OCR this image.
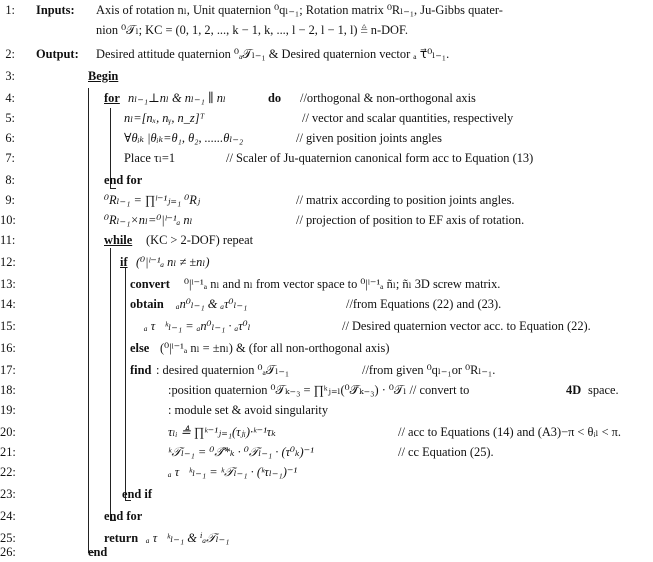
1: Inputs: Axis of rotation nₗ, Unit quaternion ⁰qₗ₋₁; Rotation matrix ⁰Rₗ₋₁, Ju-Gibbs quater-
nion ⁰𝒯ₗ; KC = (0, 1, 2, ..., k − 1, k, ..., l − 2, l − 1, l) ≜ n-DOF.
2: Output: Desired attitude quaternion ⁰ₐ𝒯ₗ₋₁ & Desired quaternion vector ₐ τ⃗⁰ₗ₋₁.
3:	Begin
4:	for nₗ₋₁⊥nₗ & nₗ₋₁ ∥ nₗ	do //orthogonal & non-orthogonal axis
5:	nₗ=[nₓ, nᵧ, n_z]ᵀ	// vector and scalar quantities, respectively
6:	∀θᵢₖ |θᵢₖ=θ₁, θ₂, ......θₗ₋₂	// given position joints angles
7:	Place τₗ=1	// Scaler of Ju-quaternion canonical form acc to Equation (13)
8:	end for
9:	⁰Rₗ₋₁ = ∏ˡ⁻¹ⱼ₌₁ ⁰Rⱼ	// matrix according to position joints angles.
10:	⁰Rₗ₋₁×nₗ=⁰|ˡ⁻¹ₐ nₗ	// projection of position to EF axis of rotation.
11:	while (KC > 2-DOF) repeat
12:	if (⁰|ˡ⁻¹ₐ nₗ ≠ ±nₗ)
13:	convert ⁰|ˡ⁻¹ₐ nₗ and nₗ from vector space to ⁰|ˡ⁻¹ₐ ñₗ; ñₗ 3D screw matrix.
14:	obtain ₐn⁰ₗ₋₁ & ₐτ⁰ₗ₋₁	//from Equations (22) and (23).
15:	ₐ τ⃗ᵏₗ₋₁ = ₐn⁰ₗ₋₁ · ₐτ⁰ₗ	// Desired quaternion vector acc. to Equation (22).
16:	else (⁰|ˡ⁻¹ₐ nₗ = ±nₗ) & (for all non-orthogonal axis)
17:	find : desired quaternion ⁰ₐ𝒯ₗ₋₁	//from given ⁰qₗ₋₁or ⁰Rₗ₋₁.
18:	:position quaternion ⁰𝒯ₖ₋₃ = ∏ᵏⱼ₌ₗ(⁰𝒯̃ₖ₋₃) · ⁰𝒯ₗ // convert to	4D space.
19:	: module set & avoid singularity
20:	τₗᵢ ≜ ∏ᵏ⁻¹ⱼ₌₁(τⱼᵢ)·ᵏ⁻¹τₖ	// acc to Equations (14) and (A3)−π < θᵢₗ < π.
21:	ᵏ𝒯ₗ₋₁ = ⁰𝒯̃*ₖ · ⁰𝒯ₗ₋₁ · (τ⁰ₖ)⁻¹	// cc Equation (25).
22:	ₐ τ⃗ᵏₗ₋₁ = ᵏ𝒯ₗ₋₁ · (ᵏτₗ₋₁)⁻¹
23:	end if
24:	end for
25:	return ₐ τ⃗ᵏₗ₋₁ & ⁱₐ𝒯ₗ₋₁
26:	end
